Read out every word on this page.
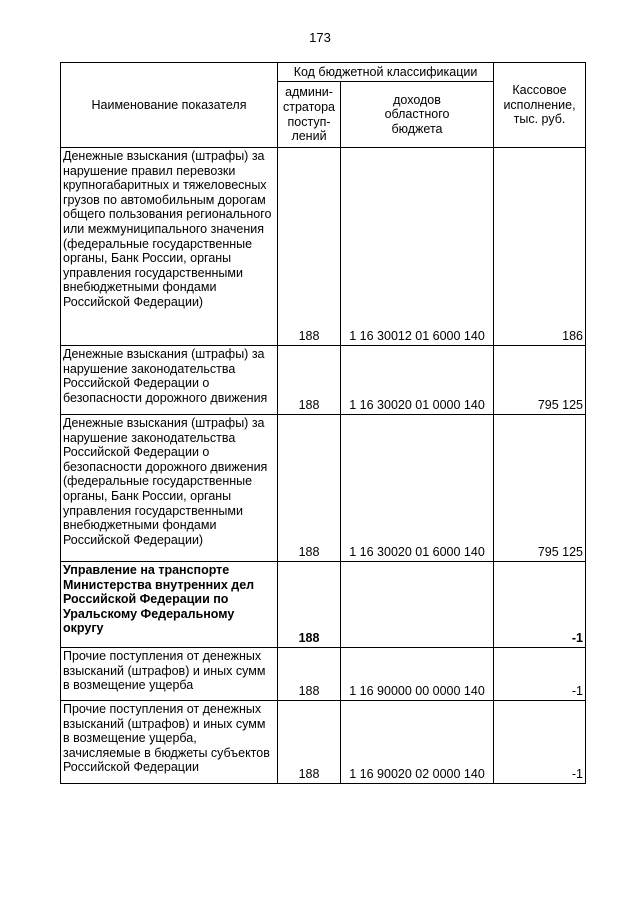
173
Наименование показателя	Код бюджетной классификации		Кассовое
исполнение,
тыс. руб.
	админи-
стратора
поступ-
лений	доходов
областного
бюджета	
Денежные взыскания (штрафы) за нарушение правил перевозки крупногабаритных и тяжеловесных грузов по автомобильным дорогам общего пользования регионального или межмуниципального значения (федеральные государственные органы, Банк России, органы управления государственными внебюджетными фондами Российской Федерации)	188	1 16 30012 01 6000 140	186
Денежные взыскания (штрафы) за нарушение законодательства Российской Федерации о безопасности дорожного движения	188	1 16 30020 01 0000 140	795 125
Денежные взыскания (штрафы) за нарушение законодательства Российской Федерации о безопасности дорожного движения (федеральные государственные органы, Банк России, органы управления государственными внебюджетными фондами Российской Федерации)	188	1 16 30020 01 6000 140	795 125
Управление на транспорте Министерства внутренних дел Российской Федерации по Уральскому Федеральному округу	188		-1
Прочие поступления от денежных взысканий (штрафов) и иных сумм в возмещение ущерба	188	1 16 90000 00 0000 140	-1
Прочие поступления от денежных взысканий (штрафов) и иных сумм в возмещение ущерба, зачисляемые в бюджеты субъектов Российской Федерации	188	1 16 90020 02 0000 140	-1
